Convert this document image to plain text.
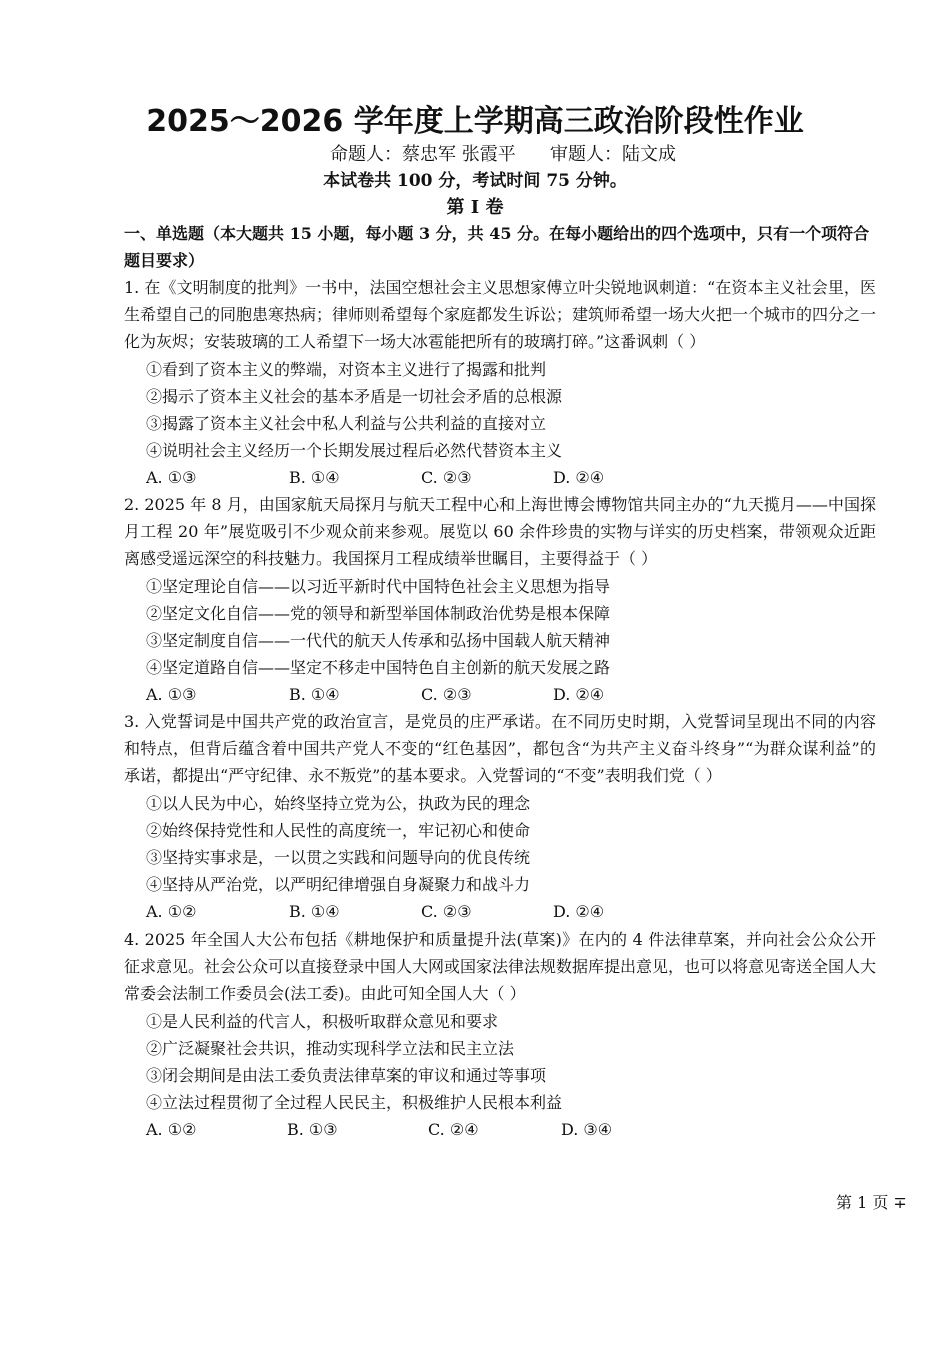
2025～2026 学年度上学期高三政治阶段性作业
命题人：蔡忠军 张霞平      审题人：陆文成
本试卷共 100 分，考试时间 75 分钟。
第 I 卷
一、单选题（本大题共 15 小题，每小题 3 分，共 45 分。在每小题给出的四个选项中，只有一个项符合题目要求）
1. 在《文明制度的批判》一书中，法国空想社会主义思想家傅立叶尖锐地讽刺道：“在资本主义社会里，医生希望自己的同胞患寒热病；律师则希望每个家庭都发生诉讼；建筑师希望一场大火把一个城市的四分之一化为灰烬；安装玻璃的工人希望下一场大冰雹能把所有的玻璃打碎。”这番讽刺（ ）
①看到了资本主义的弊端，对资本主义进行了揭露和批判
②揭示了资本主义社会的基本矛盾是一切社会矛盾的总根源
③揭露了资本主义社会中私人利益与公共利益的直接对立
④说明社会主义经历一个长期发展过程后必然代替资本主义
A. ①③	B. ①④	C. ②③	D. ②④
2. 2025 年 8 月，由国家航天局探月与航天工程中心和上海世博会博物馆共同主办的“九天揽月——中国探月工程 20 年”展览吸引不少观众前来参观。展览以 60 余件珍贵的实物与详实的历史档案，带领观众近距离感受遥远深空的科技魅力。我国探月工程成绩举世瞩目，主要得益于（ ）
①坚定理论自信——以习近平新时代中国特色社会主义思想为指导
②坚定文化自信——党的领导和新型举国体制政治优势是根本保障
③坚定制度自信——一代代的航天人传承和弘扬中国载人航天精神
④坚定道路自信——坚定不移走中国特色自主创新的航天发展之路
A. ①③	B. ①④	C. ②③	D. ②④
3. 入党誓词是中国共产党的政治宣言，是党员的庄严承诺。在不同历史时期，入党誓词呈现出不同的内容和特点，但背后蕴含着中国共产党人不变的“红色基因”，都包含“为共产主义奋斗终身”“为群众谋利益”的承诺，都提出“严守纪律、永不叛党”的基本要求。入党誓词的“不变”表明我们党（ ）
①以人民为中心，始终坚持立党为公，执政为民的理念
②始终保持党性和人民性的高度统一，牢记初心和使命
③坚持实事求是，一以贯之实践和问题导向的优良传统
④坚持从严治党，以严明纪律增强自身凝聚力和战斗力
A. ①②	B. ①④	C. ②③	D. ②④
4. 2025 年全国人大公布包括《耕地保护和质量提升法(草案)》在内的 4 件法律草案，并向社会公众公开征求意见。社会公众可以直接登录中国人大网或国家法律法规数据库提出意见，也可以将意见寄送全国人大常委会法制工作委员会(法工委)。由此可知全国人大（ ）
①是人民利益的代言人，积极听取群众意见和要求
②广泛凝聚社会共识，推动实现科学立法和民主立法
③闭会期间是由法工委负责法律草案的审议和通过等事项
④立法过程贯彻了全过程人民民主，积极维护人民根本利益
A. ①②	B. ①③	C. ②④	D. ③④
第 1 页 ∓
